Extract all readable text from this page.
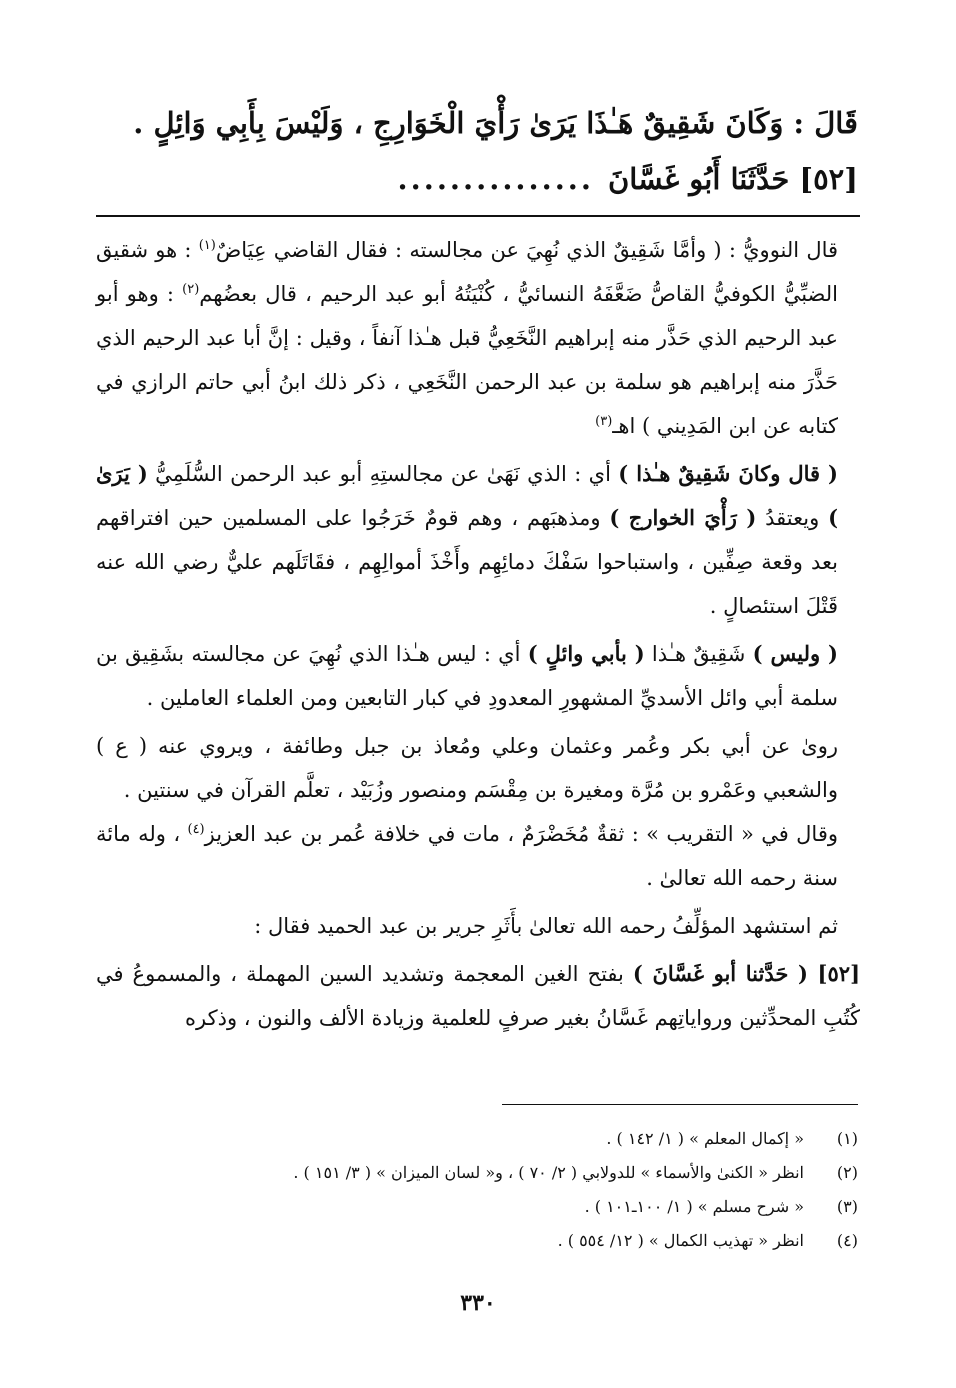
قَالَ : وَكَانَ شَقِيقٌ هَـٰذَا يَرَىٰ رَأْيَ الْخَوَارِجِ ، وَلَيْسَ بِأَبِي وَائِلٍ .
[٥٢] حَدَّثَنَا أَبُو غَسَّانَ...............

قال النوويُّ : ( وأمَّا شَقِيقٌ الذي نُهِيَ عن مجالسته : فقال القاضي عِيَاضٌ$^{(١)}$ : هو شقيق الضبِّيُّ الكوفيُّ القاصُّ ضَعَّفَهُ النسائيُّ ، كُنْيَتُهُ أبو عبد الرحيم ، قال بعضُهم$^{(٢)}$ : وهو أبو عبد الرحيم الذي حَذَّر منه إبراهيم النَّخَعِيُّ قبل هـٰذا آنفاً ، وقيل : إنَّ أبا عبد الرحيم الذي حَذَّرَ منه إبراهيم هو سلمة بن عبد الرحمن النَّخَعِي ، ذكر ذلك ابنُ أبي حاتم الرازي في كتابه عن ابن المَدِيني ) اهـ$^{(٣)}$

( قال وكانَ شَقِيقٌ هـٰذا ) أي : الذي نَهَىٰ عن مجالستِهِ أبو عبد الرحمن السُّلَمِيُّ ( يَرَىٰ ) ويعتقدُ ( رَأْيَ الخوارج ) ومذهبَهم ، وهم قومٌ خَرَجُوا على المسلمين حين افتراقهم بعد وقعة صِفِّين ، واستباحوا سَفْكَ دمائِهِم وأَخْذَ أموالِهِم ، فقَاتَلَهم عليٌّ رضي الله عنه قَتْلَ استئصالٍ .

( وليس ) شَقِيقٌ هـٰذا ( بأبي وائلٍ ) أي : ليس هـٰذا الذي نُهِيَ عن مجالسته بشَقِيق بن سلمة أبي وائل الأسديِّ المشهورِ المعدودِ في كبار التابعين ومن العلماء العاملين .

روىٰ عن أبي بكر وعُمر وعثمان وعلي ومُعاذ بن جبل وطائفة ، ويروي عنه ( ع ) والشعبي وعَمْرو بن مُرَّة ومغيرة بن مِقْسَم ومنصور وزُبَيْد ، تعلَّم القرآن في سنتين .

وقال في « التقريب » : ثقةٌ مُخَضْرَمٌ ، مات في خلافة عُمر بن عبد العزيز$^{(٤)}$ ، وله مائة سنة رحمه الله تعالىٰ .

ثم استشهد المؤلِّفُ رحمه الله تعالىٰ بأَثَرِ جرير بن عبد الحميد فقال :

[٥٢] ( حَدَّثنا أبو غَسَّانَ ) بفتح الغين المعجمة وتشديد السين المهملة ، والمسموعُ في كُتُبِ المحدِّثين ورواياتِهم غَسَّانُ بغير صرفٍ للعلمية وزيادة الألف والنون ، وذكره

(١)
« إكمال المعلم » ( ١/ ١٤٢ ) .
(٢)
انظر « الكنىٰ والأسماء » للدولابي ( ٢/ ٧٠ ) ، و« لسان الميزان » ( ٣/ ١٥١ ) .
(٣)
« شرح مسلم » ( ١/ ١٠٠ـ١٠١ ) .
(٤)
انظر « تهذيب الكمال » ( ١٢/ ٥٥٤ ) .
٣٣٠
